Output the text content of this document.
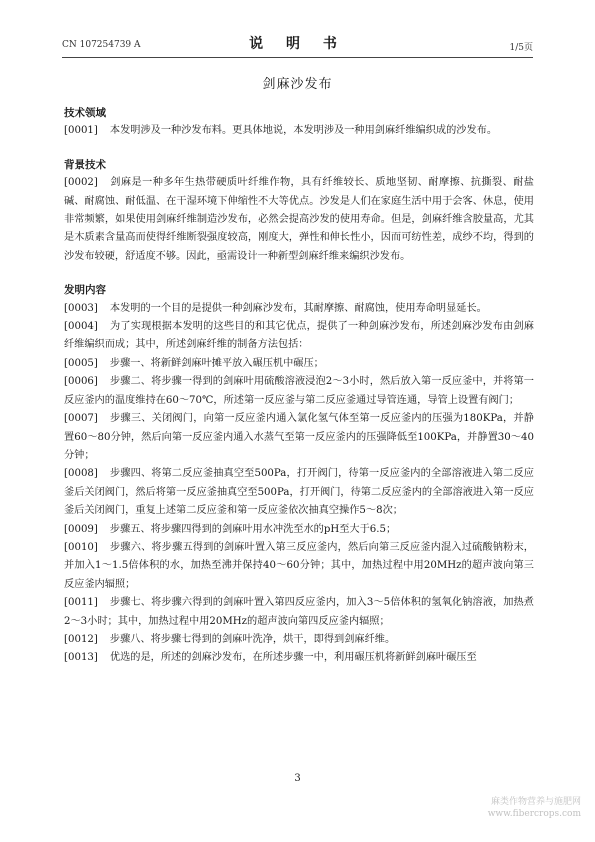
CN 107254739 A	说 明 书	1/5页
剑麻沙发布
技术领域
[0001] 本发明涉及一种沙发布料。更具体地说，本发明涉及一种用剑麻纤维编织成的沙发布。
背景技术
[0002] 剑麻是一种多年生热带硬质叶纤维作物，具有纤维较长、质地坚韧、耐摩擦、抗撕裂、耐盐碱、耐腐蚀、耐低温、在干湿环境下伸缩性不大等优点。沙发是人们在家庭生活中用于会客、休息，使用非常频繁，如果使用剑麻纤维制造沙发布，必然会提高沙发的使用寿命。但是，剑麻纤维含胶量高，尤其是木质素含量高而使得纤维断裂强度较高，刚度大，弹性和伸长性小，因而可纺性差，成纱不均，得到的沙发布较硬，舒适度不够。因此，亟需设计一种新型剑麻纤维来编织沙发布。
发明内容
[0003] 本发明的一个目的是提供一种剑麻沙发布，其耐摩擦、耐腐蚀，使用寿命明显延长。
[0004] 为了实现根据本发明的这些目的和其它优点，提供了一种剑麻沙发布，所述剑麻沙发布由剑麻纤维编织而成；其中，所述剑麻纤维的制备方法包括：
[0005] 步骤一、将新鲜剑麻叶摊平放入碾压机中碾压；
[0006] 步骤二、将步骤一得到的剑麻叶用硫酸溶液浸泡2～3小时，然后放入第一反应釜中，并将第一反应釜内的温度维持在60～70℃，所述第一反应釜与第二反应釜通过导管连通，导管上设置有阀门；
[0007] 步骤三、关闭阀门，向第一反应釜内通入氯化氢气体至第一反应釜内的压强为180KPa，并静置60～80分钟，然后向第一反应釜内通入水蒸气至第一反应釜内的压强降低至100KPa，并静置30～40分钟；
[0008] 步骤四、将第二反应釜抽真空至500Pa，打开阀门，待第一反应釜内的全部溶液进入第二反应釜后关闭阀门，然后将第一反应釜抽真空至500Pa，打开阀门，待第二反应釜内的全部溶液进入第一反应釜后关闭阀门，重复上述第二反应釜和第一反应釜依次抽真空操作5～8次；
[0009] 步骤五、将步骤四得到的剑麻叶用水冲洗至水的pH至大于6.5；
[0010] 步骤六、将步骤五得到的剑麻叶置入第三反应釜内，然后向第三反应釜内混入过硫酸钠粉末，并加入1～1.5倍体积的水，加热至沸并保持40～60分钟；其中，加热过程中用20MHz的超声波向第三反应釜内辐照；
[0011] 步骤七、将步骤六得到的剑麻叶置入第四反应釜内，加入3～5倍体积的氢氧化钠溶液，加热煮2～3小时；其中，加热过程中用20MHz的超声波向第四反应釜内辐照；
[0012] 步骤八、将步骤七得到的剑麻叶洗净，烘干，即得到剑麻纤维。
[0013] 优选的是，所述的剑麻沙发布，在所述步骤一中，利用碾压机将新鲜剑麻叶碾压至
3
麻类作物营养与施肥网
www.fibercrops.com
